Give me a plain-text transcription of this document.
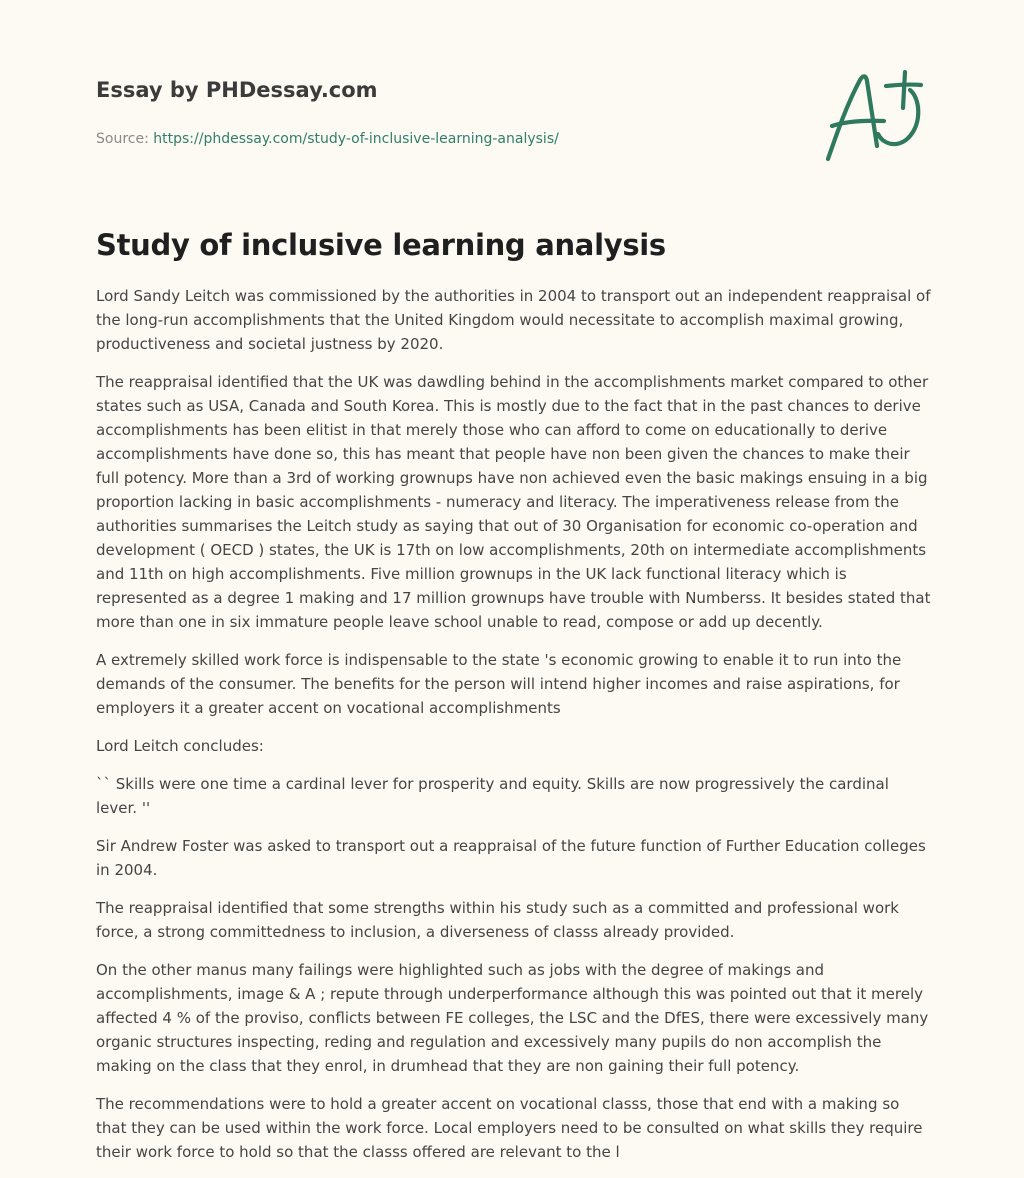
Essay by PHDessay.com
Source: https://phdessay.com/study-of-inclusive-learning-analysis/
Study of inclusive learning analysis

Lord Sandy Leitch was commissioned by the authorities in 2004 to transport out an independent reappraisal of the long-run accomplishments that the United Kingdom would necessitate to accomplish maximal growing, productiveness and societal justness by 2020.

The reappraisal identified that the UK was dawdling behind in the accomplishments market compared to other states such as USA, Canada and South Korea. This is mostly due to the fact that in the past chances to derive accomplishments has been elitist in that merely those who can afford to come on educationally to derive accomplishments have done so, this has meant that people have non been given the chances to make their full potency. More than a 3rd of working grownups have non achieved even the basic makings ensuing in a big proportion lacking in basic accomplishments - numeracy and literacy. The imperativeness release from the authorities summarises the Leitch study as saying that out of 30 Organisation for economic co-operation and development ( OECD ) states, the UK is 17th on low accomplishments, 20th on intermediate accomplishments and 11th on high accomplishments. Five million grownups in the UK lack functional literacy which is represented as a degree 1 making and 17 million grownups have trouble with Numberss. It besides stated that more than one in six immature people leave school unable to read, compose or add up decently.

A extremely skilled work force is indispensable to the state 's economic growing to enable it to run into the demands of the consumer. The benefits for the person will intend higher incomes and raise aspirations, for employers it a greater accent on vocational accomplishments

Lord Leitch concludes:

`` Skills were one time a cardinal lever for prosperity and equity. Skills are now progressively the cardinal lever. ''

Sir Andrew Foster was asked to transport out a reappraisal of the future function of Further Education colleges in 2004.

The reappraisal identified that some strengths within his study such as a committed and professional work force, a strong committedness to inclusion, a diverseness of classs already provided.

On the other manus many failings were highlighted such as jobs with the degree of makings and accomplishments, image & A ; repute through underperformance although this was pointed out that it merely affected 4 % of the proviso, conflicts between FE colleges, the LSC and the DfES, there were excessively many organic structures inspecting, reding and regulation and excessively many pupils do non accomplish the making on the class that they enrol, in drumhead that they are non gaining their full potency.

The recommendations were to hold a greater accent on vocational classs, those that end with a making so that they can be used within the work force. Local employers need to be consulted on what skills they require their work force to hold so that the classs offered are relevant to the l
